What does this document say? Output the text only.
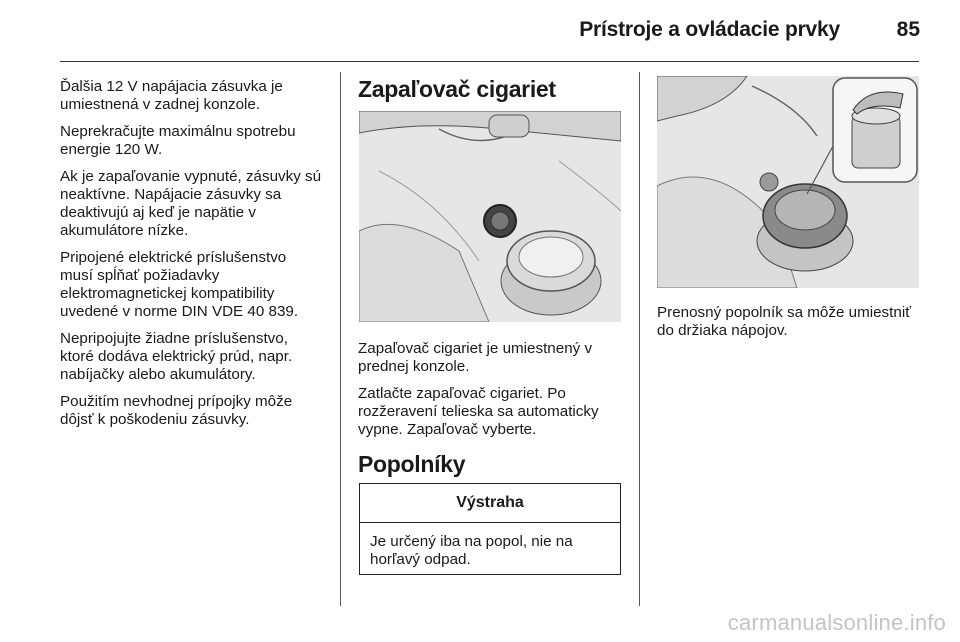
Prístroje a ovládacie prvky	85

Ďalšia 12 V napájacia zásuvka je umiestnená v zadnej konzole.

Neprekračujte maximálnu spotrebu energie 120 W.

Ak je zapaľovanie vypnuté, zásuvky sú neaktívne. Napájacie zásuvky sa deaktivujú aj keď je napätie v akumulátore nízke.

Pripojené elektrické príslušenstvo musí spĺňať požiadavky elektromagnetickej kompatibility uvedené v norme DIN VDE 40 839.

Nepripojujte žiadne príslušenstvo, ktoré dodáva elektrický prúd, napr. nabíjačky alebo akumulátory.

Použitím nevhodnej prípojky môže dôjsť k poškodeniu zásuvky.

Zapaľovač cigariet

Zapaľovač cigariet je umiestnený v prednej konzole.

Zatlačte zapaľovač cigariet. Po rozžeravení telieska sa automaticky vypne. Zapaľovač vyberte.

Popolníky
Výstraha
Je určený iba na popol, nie na horľavý odpad.

Prenosný popolník sa môže umiestniť do držiaka nápojov.

carmanualsonline.info
